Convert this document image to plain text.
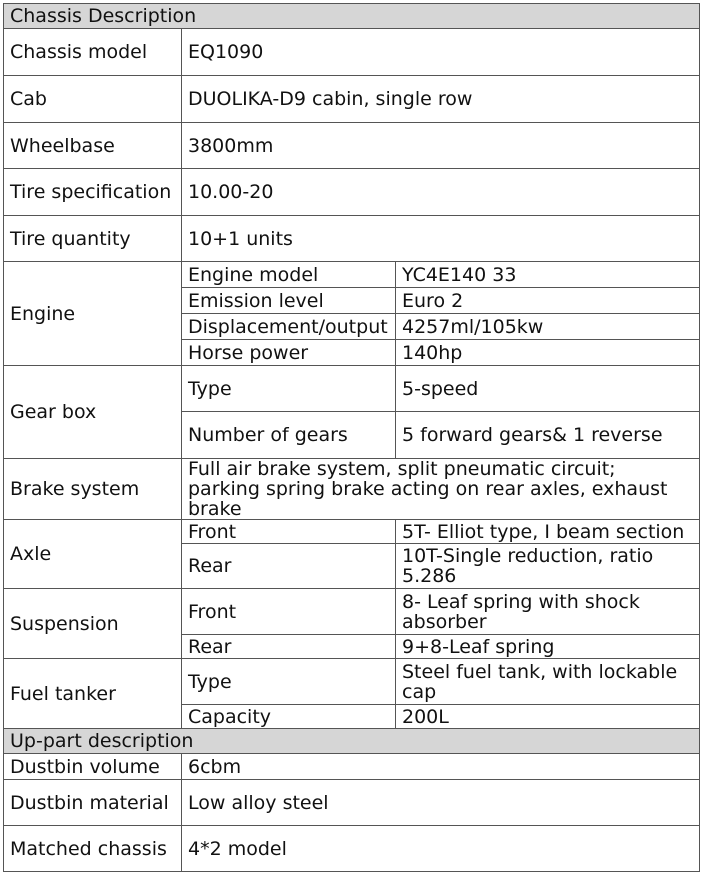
Chassis Description		
Chassis model	EQ1090	
Cab	DUOLIKA-D9 cabin, single row	
Wheelbase	3800mm	
Tire specification	10.00-20	
Tire quantity	10+1 units	
Engine	Engine model	YC4E140 33
	Emission level	Euro 2
	Displacement/output	4257ml/105kw
	Horse power	140hp
Gear box	Type	5-speed
	Number of gears	5 forward gears& 1 reverse
Brake system	Full air brake system, split pneumatic circuit; parking spring brake acting on rear axles, exhaust brake	
Axle	Front	5T- Elliot type, I beam section
	Rear	10T-Single reduction, ratio 5.286
Suspension	Front	8- Leaf spring with shock absorber
	Rear	9+8-Leaf spring
Fuel tanker	Type	Steel fuel tank, with lockable cap
	Capacity	200L
Up-part description		
Dustbin volume	6cbm	
Dustbin material	Low alloy steel	
Matched chassis	4*2 model	
